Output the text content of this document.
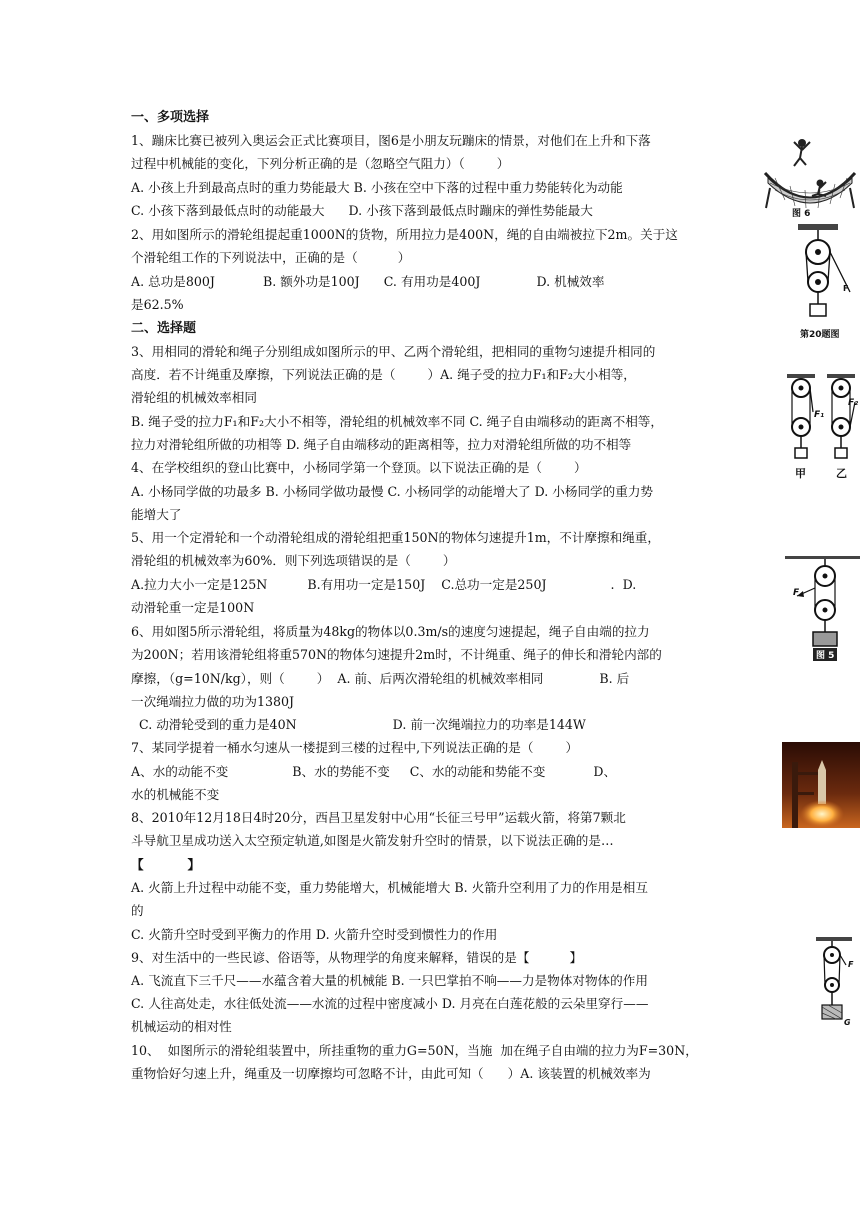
一、多项选择
二、选择题
1、蹦床比赛已被列入奥运会正式比赛项目，图6是小朋友玩蹦床的情景，对他们在上升和下落
过程中机械能的变化，下列分析正确的是（忽略空气阻力）（        ）
A. 小孩上升到最高点时的重力势能最大 B. 小孩在空中下落的过程中重力势能转化为动能
C. 小孩下落到最低点时的动能最大      D. 小孩下落到最低点时蹦床的弹性势能最大
2、用如图所示的滑轮组提起重1000N的货物，所用拉力是400N，绳的自由端被拉下2m。关于这
个滑轮组工作的下列说法中，正确的是（          ）
A. 总功是800J            B. 额外功是100J      C. 有用功是400J              D. 机械效率
是62.5%
3、用相同的滑轮和绳子分别组成如图所示的甲、乙两个滑轮组，把相同的重物匀速提升相同的
高度．若不计绳重及摩擦，下列说法正确的是（        ）A. 绳子受的拉力F₁和F₂大小相等，
滑轮组的机械效率相同
B. 绳子受的拉力F₁和F₂大小不相等，滑轮组的机械效率不同 C. 绳子自由端移动的距离不相等，
拉力对滑轮组所做的功相等 D. 绳子自由端移动的距离相等，拉力对滑轮组所做的功不相等
4、在学校组织的登山比赛中，小杨同学第一个登顶。以下说法正确的是（        ）
A. 小杨同学做的功最多 B. 小杨同学做功最慢 C. 小杨同学的动能增大了 D. 小杨同学的重力势
能增大了
5、用一个定滑轮和一个动滑轮组成的滑轮组把重150N的物体匀速提升1m，不计摩擦和绳重，
滑轮组的机械效率为60%．则下列选项错误的是（        ）
A.拉力大小一定是125N          B.有用功一定是150J    C.总功一定是250J                .  D.
动滑轮重一定是100N
6、用如图5所示滑轮组，将质量为48kg的物体以0.3m/s的速度匀速提起，绳子自由端的拉力
为200N；若用该滑轮组将重570N的物体匀速提升2m时，不计绳重、绳子的伸长和滑轮内部的
摩擦，（g=10N/kg），则（        ）  A. 前、后两次滑轮组的机械效率相同              B. 后
一次绳端拉力做的功为1380J
C. 动滑轮受到的重力是40N                        D. 前一次绳端拉力的功率是144W
7、某同学提着一桶水匀速从一楼提到三楼的过程中,下列说法正确的是（        ）
A、水的动能不变                B、水的势能不变     C、水的动能和势能不变            D、
水的机械能不变
8、2010年12月18日4时20分，西昌卫星发射中心用“长征三号甲”运载火箭，将第7颗北
斗导航卫星成功送入太空预定轨道,如图是火箭发射升空时的情景，以下说法正确的是…
【          】
A. 火箭上升过程中动能不变，重力势能增大，机械能增大 B. 火箭升空利用了力的作用是相互
的
C. 火箭升空时受到平衡力的作用 D. 火箭升空时受到惯性力的作用
9、对生活中的一些民谚、俗语等，从物理学的角度来解释，错误的是【          】
A. 飞流直下三千尺——水蕴含着大量的机械能 B. 一只巴掌拍不响——力是物体对物体的作用
C. 人往高处走，水往低处流——水流的过程中密度减小 D. 月亮在白莲花般的云朵里穿行——
机械运动的相对性
10、  如图所示的滑轮组装置中，所挂重物的重力G=50N，当施  加在绳子自由端的拉力为F=30N，
重物恰好匀速上升，绳重及一切摩擦均可忽略不计，由此可知（      ）A. 该装置的机械效率为
图 6
F
第20题图
F₁
F₂
甲	乙
F
图 5
F
G
